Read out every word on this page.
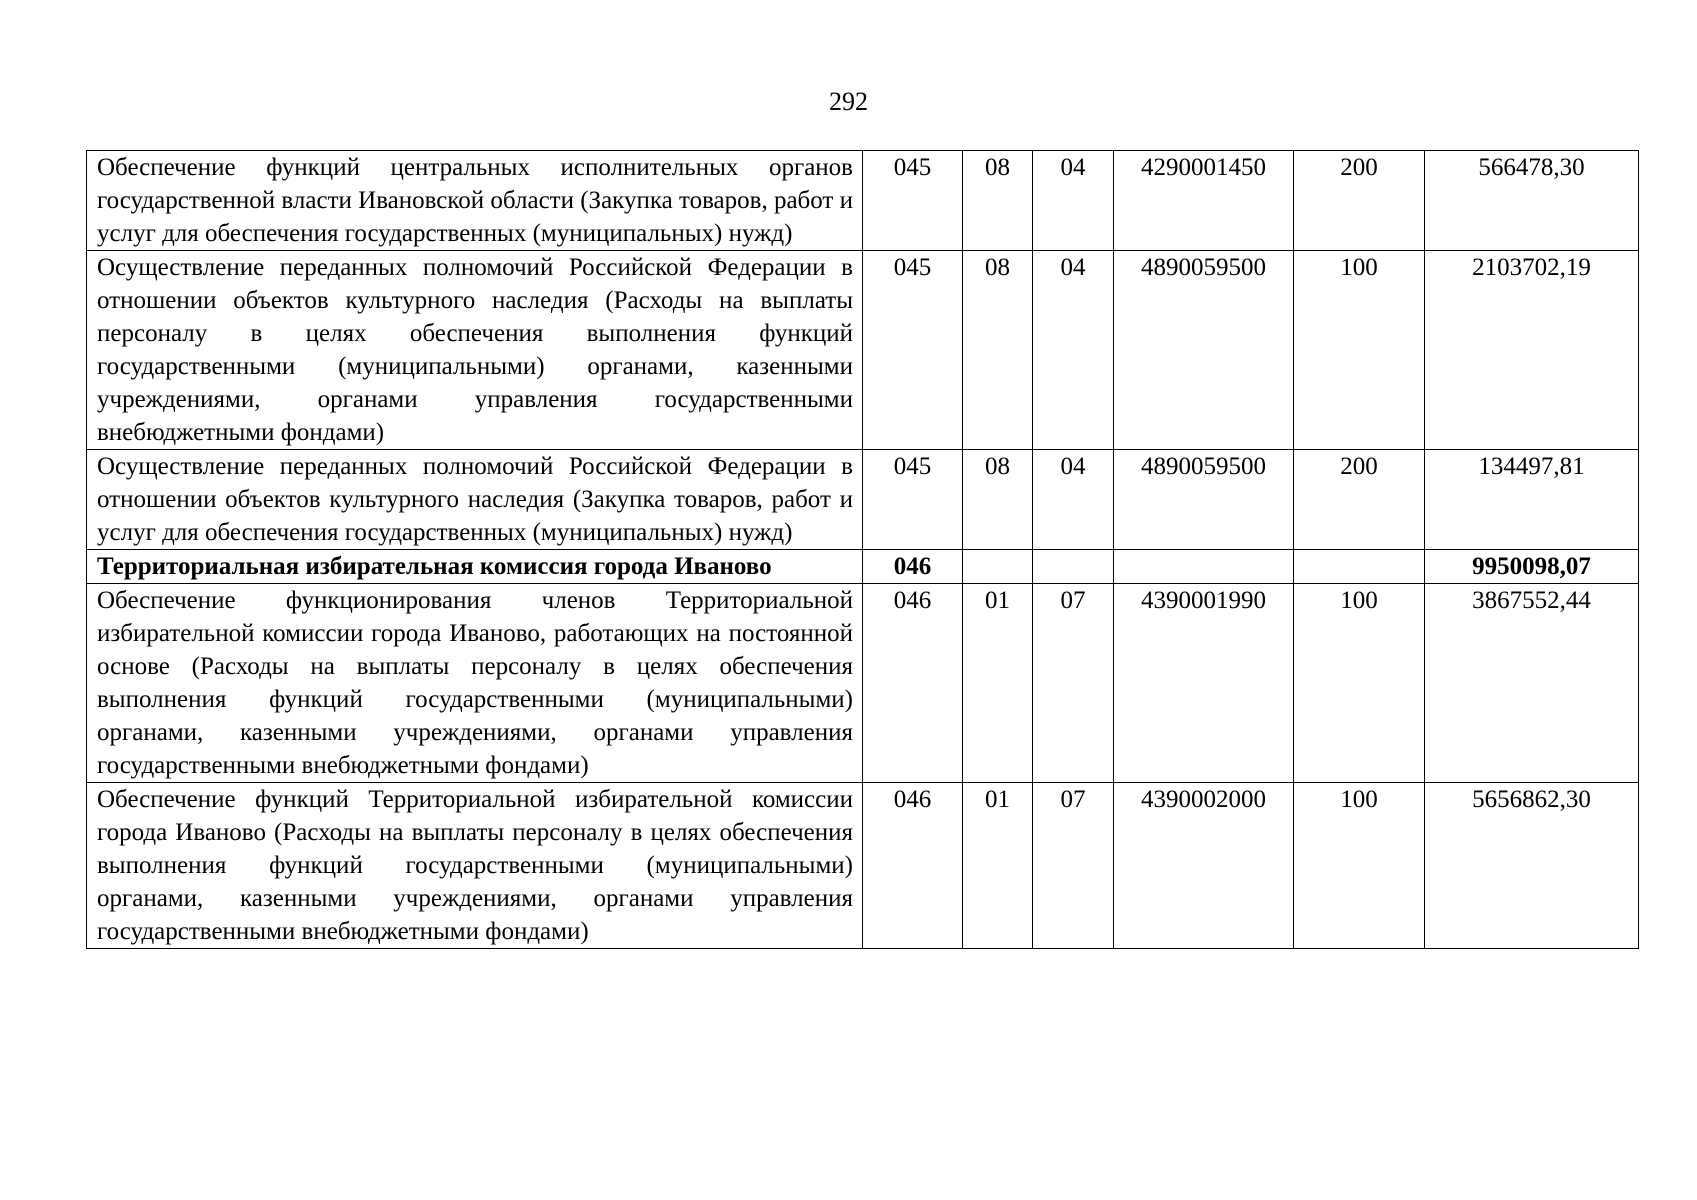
292
Обеспечение функций центральных исполнительных органов государственной власти Ивановской области (Закупка товаров, работ и услуг для обеспечения государственных (муниципальных) нужд)	045	08	04	4290001450	200	566478,30
Осуществление переданных полномочий Российской Федерации в отношении объектов культурного наследия (Расходы на выплаты персоналу в целях обеспечения выполнения функций государственными (муниципальными) органами, казенными учреждениями, органами управления государственными внебюджетными фондами)	045	08	04	4890059500	100	2103702,19
Осуществление переданных полномочий Российской Федерации в отношении объектов культурного наследия (Закупка товаров, работ и услуг для обеспечения государственных (муниципальных) нужд)	045	08	04	4890059500	200	134497,81
Территориальная избирательная комиссия города Иваново	046					9950098,07
Обеспечение функционирования членов Территориальной избирательной комиссии города Иваново, работающих на постоянной основе (Расходы на выплаты персоналу в целях обеспечения выполнения функций государственными (муниципальными) органами, казенными учреждениями, органами управления государственными внебюджетными фондами)	046	01	07	4390001990	100	3867552,44
Обеспечение функций Территориальной избирательной комиссии города Иваново (Расходы на выплаты персоналу в целях обеспечения выполнения функций государственными (муниципальными) органами, казенными учреждениями, органами управления государственными внебюджетными фондами)	046	01	07	4390002000	100	5656862,30
